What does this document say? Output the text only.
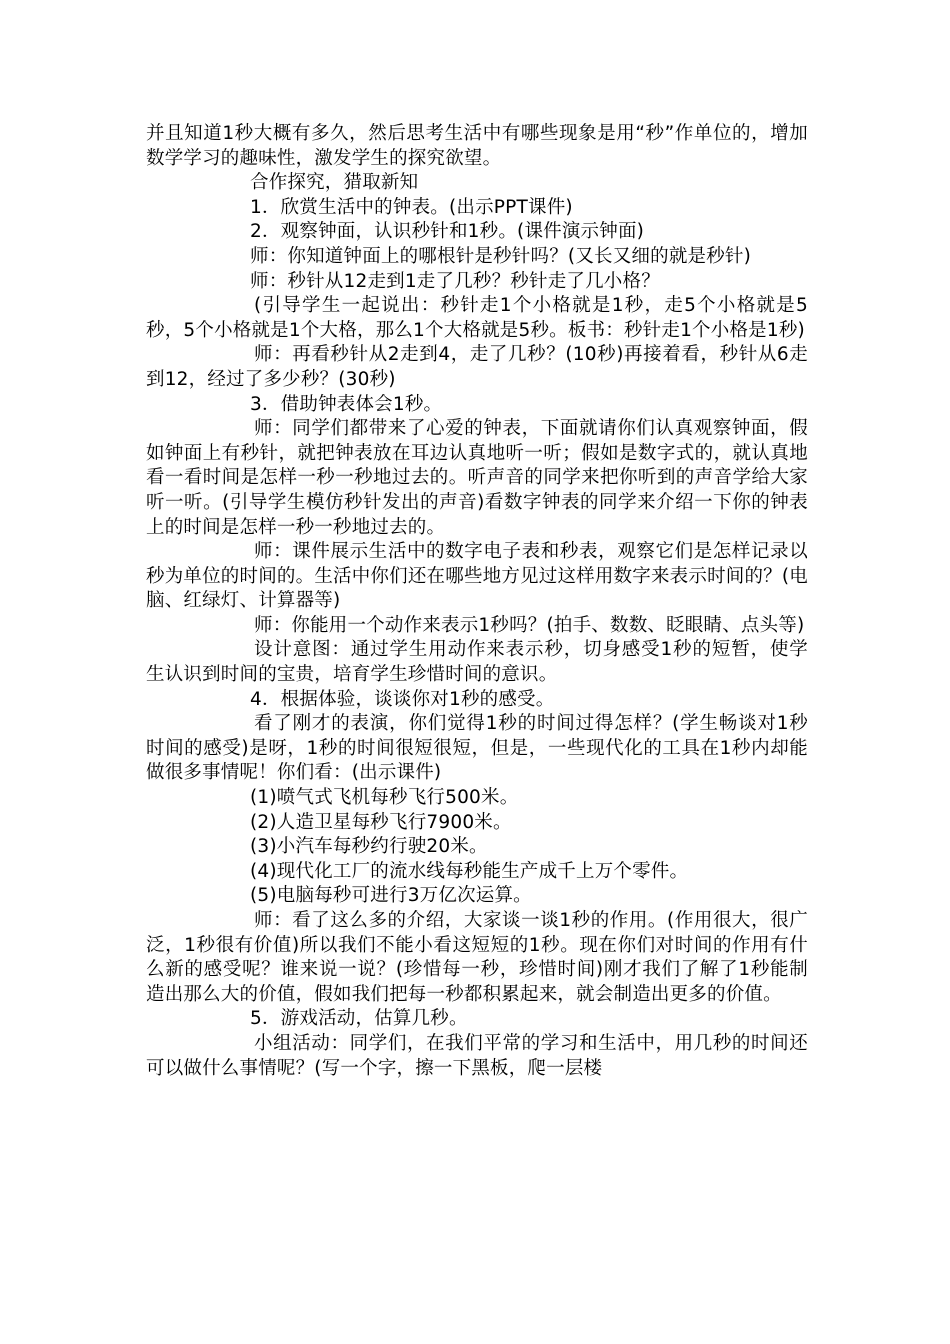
并且知道1秒大概有多久，然后思考生活中有哪些现象是用“秒”作单位的，增加数学学习的趣味性，激发学生的探究欲望。

合作探究，猎取新知

1．欣赏生活中的钟表。(出示PPT课件)

2．观察钟面，认识秒针和1秒。(课件演示钟面)

师：你知道钟面上的哪根针是秒针吗？(又长又细的就是秒针)

师：秒针从12走到1走了几秒？秒针走了几小格？

(引导学生一起说出：秒针走1个小格就是1秒，走5个小格就是5秒，5个小格就是1个大格，那么1个大格就是5秒。板书：秒针走1个小格是1秒)

师：再看秒针从2走到4，走了几秒？(10秒)再接着看，秒针从6走到12，经过了多少秒？(30秒)

3．借助钟表体会1秒。

师：同学们都带来了心爱的钟表，下面就请你们认真观察钟面，假如钟面上有秒针，就把钟表放在耳边认真地听一听；假如是数字式的，就认真地看一看时间是怎样一秒一秒地过去的。听声音的同学来把你听到的声音学给大家听一听。(引导学生模仿秒针发出的声音)看数字钟表的同学来介绍一下你的钟表上的时间是怎样一秒一秒地过去的。

师：课件展示生活中的数字电子表和秒表，观察它们是怎样记录以秒为单位的时间的。生活中你们还在哪些地方见过这样用数字来表示时间的？(电脑、红绿灯、计算器等)

师：你能用一个动作来表示1秒吗？(拍手、数数、眨眼睛、点头等)

设计意图：通过学生用动作来表示秒，切身感受1秒的短暂，使学生认识到时间的宝贵，培育学生珍惜时间的意识。

4．根据体验，谈谈你对1秒的感受。

看了刚才的表演，你们觉得1秒的时间过得怎样？(学生畅谈对1秒时间的感受)是呀，1秒的时间很短很短，但是，一些现代化的工具在1秒内却能做很多事情呢！你们看：(出示课件)

(1)喷气式飞机每秒飞行500米。

(2)人造卫星每秒飞行7900米。

(3)小汽车每秒约行驶20米。

(4)现代化工厂的流水线每秒能生产成千上万个零件。

(5)电脑每秒可进行3万亿次运算。

师：看了这么多的介绍，大家谈一谈1秒的作用。(作用很大，很广泛，1秒很有价值)所以我们不能小看这短短的1秒。现在你们对时间的作用有什么新的感受呢？谁来说一说？(珍惜每一秒，珍惜时间)刚才我们了解了1秒能制造出那么大的价值，假如我们把每一秒都积累起来，就会制造出更多的价值。

5．游戏活动，估算几秒。

小组活动：同学们，在我们平常的学习和生活中，用几秒的时间还可以做什么事情呢？(写一个字，擦一下黑板，爬一层楼
